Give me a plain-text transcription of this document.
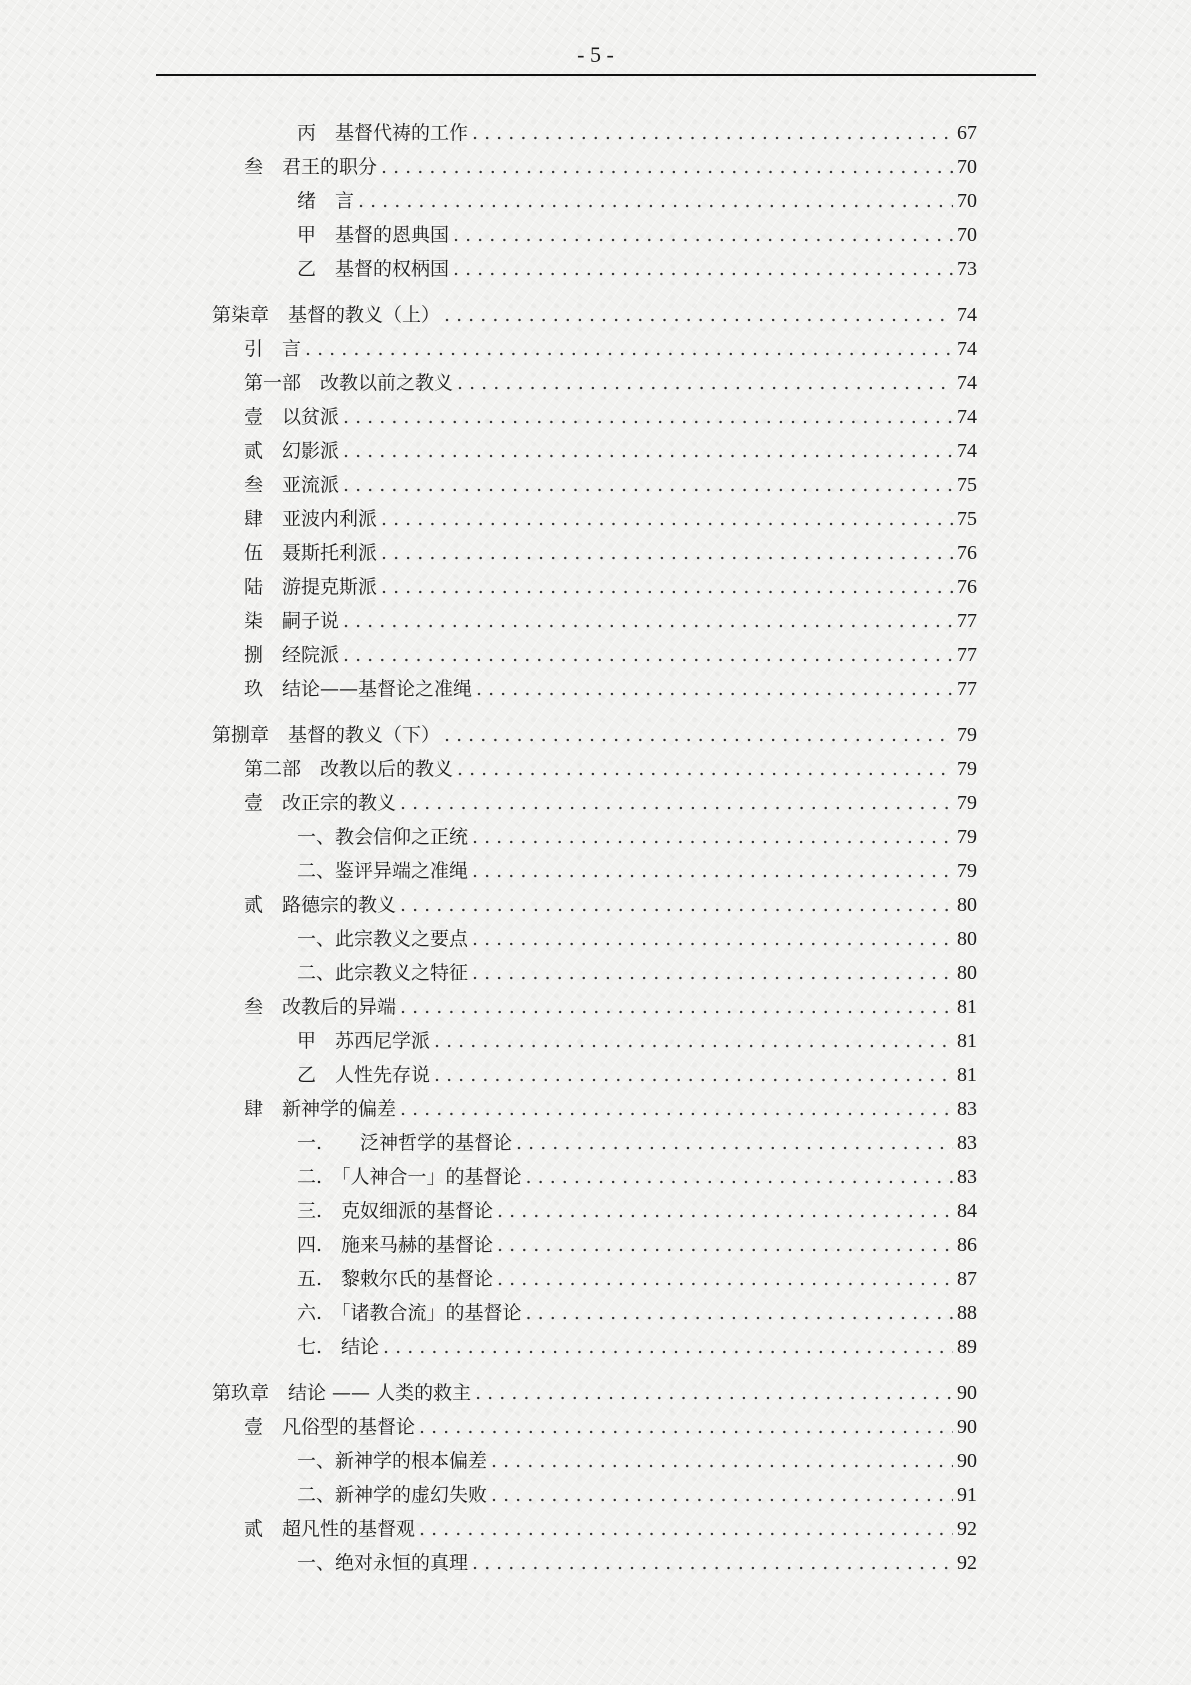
- 5 -
丙　基督代祷的工作 . . .	67
叁　君王的职分 . . .	70
绪　言 . . .	70
甲　基督的恩典国 . . .	70
乙　基督的权柄国 . . .	73
第柒章　基督的教义（上） . . .	74
引　言 . . .	74
第一部　改教以前之教义 . . .	74
壹　以贫派 . . .	74
贰　幻影派 . . .	74
叁　亚流派 . . .	75
肆　亚波内利派 . . .	75
伍　聂斯托利派 . . .	76
陆　游提克斯派 . . .	76
柒　嗣子说 . . .	77
捌　经院派 . . .	77
玖　结论——基督论之准绳 . . .	77
第捌章　基督的教义（下） . . .	79
第二部　改教以后的教义 . . .	79
壹　改正宗的教义 . . .	79
一、教会信仰之正统 . . .	79
二、鉴评异端之准绳 . . .	79
贰　路德宗的教义 . . .	80
一、此宗教义之要点 . . .	80
二、此宗教义之特征 . . .	80
叁　改教后的异端 . . .	81
甲　苏西尼学派 . . .	81
乙　人性先存说 . . .	81
肆　新神学的偏差 . . .	83
一.　　泛神哲学的基督论 . . .	83
二.　「人神合一」的基督论 . . .	83
三.　克奴细派的基督论 . . .	84
四.　施来马赫的基督论 . . .	86
五.　黎敕尔氏的基督论 . . .	87
六.　「诸教合流」的基督论 . . .	88
七.　结论 . . .	89
第玖章　结论 —— 人类的救主 . . .	90
壹　凡俗型的基督论 . . .	90
一、新神学的根本偏差 . . .	90
二、新神学的虚幻失败 . . .	91
贰　超凡性的基督观 . . .	92
一、绝对永恒的真理 . . .	92
